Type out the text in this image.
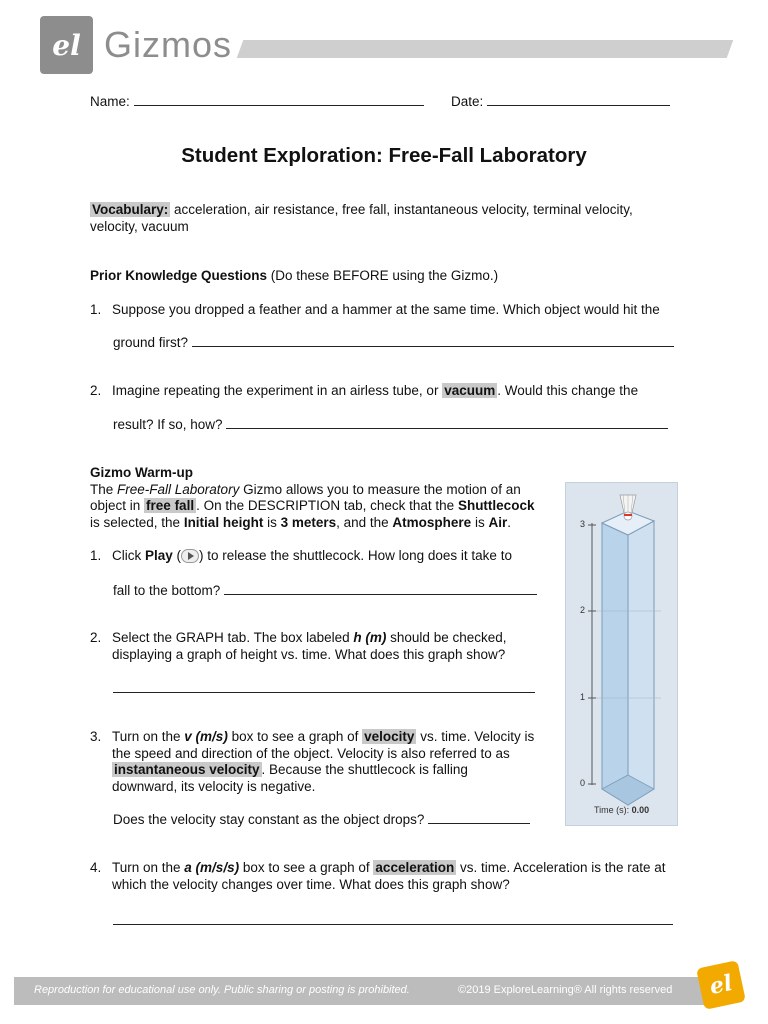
el Gizmos
Name:	Date:
Student Exploration: Free-Fall Laboratory
Vocabulary: acceleration, air resistance, free fall, instantaneous velocity, terminal velocity,
velocity, vacuum
Prior Knowledge Questions (Do these BEFORE using the Gizmo.)
1. Suppose you dropped a feather and a hammer at the same time. Which object would hit the
ground first?
2. Imagine repeating the experiment in an airless tube, or vacuum . Would this change the
result? If so, how?
Gizmo Warm-up
The Free-Fall Laboratory Gizmo allows you to measure the motion of an
object in free fall . On the DESCRIPTION tab, check that the Shuttlecock
is selected, the Initial height is 3 meters, and the Atmosphere is Air.
1. Click Play ( ) to release the shuttlecock. How long does it take to
fall to the bottom?
2. Select the GRAPH tab. The box labeled h (m) should be checked,
displaying a graph of height vs. time. What does this graph show?
3. Turn on the v (m/s) box to see a graph of velocity vs. time. Velocity is
the speed and direction of the object. Velocity is also referred to as
instantaneous velocity . Because the shuttlecock is falling
downward, its velocity is negative.
Does the velocity stay constant as the object drops?
4. Turn on the a (m/s/s) box to see a graph of acceleration vs. time. Acceleration is the rate at
which the velocity changes over time. What does this graph show?
3
2
1
0
Time (s): 0.00
Reproduction for educational use only. Public sharing or posting is prohibited.	©2019 ExploreLearning® All rights reserved el
